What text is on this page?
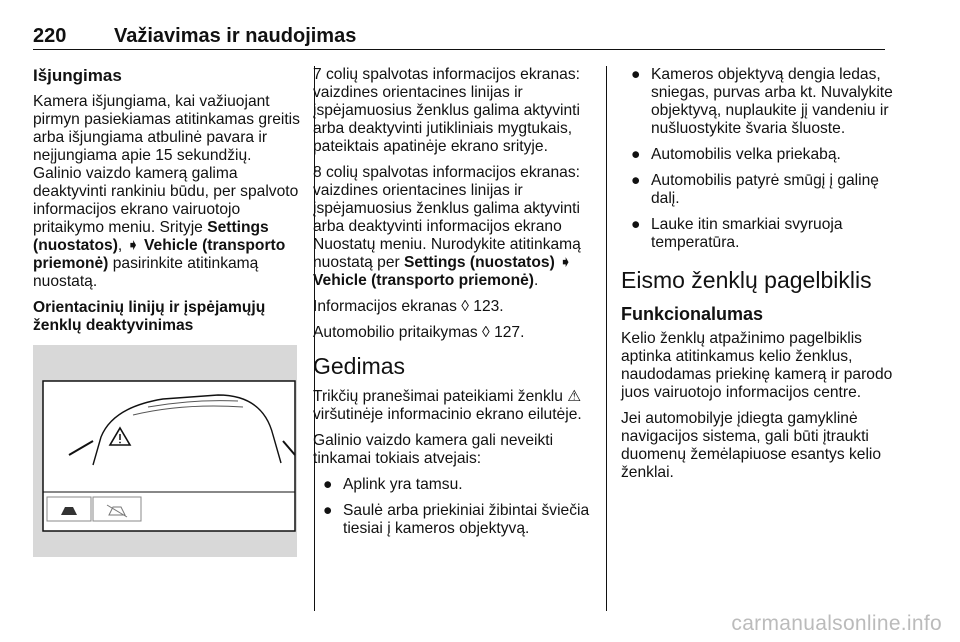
220 Važiavimas ir naudojimas
Išjungimas

Kamera išjungiama, kai važiuojant pirmyn pasiekiamas atitinkamas greitis arba išjungiama atbulinė pavara ir neįjungiama apie 15 sekundžių. Galinio vaizdo kamerą galima deaktyvinti rankiniu būdu, per spalvoto informacijos ekrano vairuotojo pritaikymo meniu. Srityje Settings (nuostatos), ➧ Vehicle (transporto priemonė) pasirinkite atitinkamą nuostatą.

Orientacinių linijų ir įspėjamųjų ženklų deaktyvinimas

7 colių spalvotas informacijos ekranas: vaizdines orientacines linijas ir įspėjamuosius ženklus galima aktyvinti arba deaktyvinti jutikliniais mygtukais, pateiktais apatinėje ekrano srityje.

8 colių spalvotas informacijos ekranas: vaizdines orientacines linijas ir įspėjamuosius ženklus galima aktyvinti arba deaktyvinti informacijos ekrano Nuostatų meniu. Nurodykite atitinkamą nuostatą per Settings (nuostatos) ➧ Vehicle (transporto priemonė).

Informacijos ekranas ◊ 123.

Automobilio pritaikymas ◊ 127.

Gedimas

Trikčių pranešimai pateikiami ženklu ⚠ viršutinėje informacinio ekrano eilutėje.

Galinio vaizdo kamera gali neveikti tinkamai tokiais atvejais:

● Aplink yra tamsu.
● Saulė arba priekiniai žibintai šviečia tiesiai į kameros objektyvą.
● Kameros objektyvą dengia ledas, sniegas, purvas arba kt. Nuvalykite objektyvą, nuplaukite jį vandeniu ir nušluostykite švaria šluoste.
● Automobilis velka priekabą.
● Automobilis patyrė smūgį į galinę dalį.
● Lauke itin smarkiai svyruoja temperatūra.
Eismo ženklų pagelbiklis
Funkcionalumas

Kelio ženklų atpažinimo pagelbiklis aptinka atitinkamus kelio ženklus, naudodamas priekinę kamerą ir parodo juos vairuotojo informacijos centre.

Jei automobilyje įdiegta gamyklinė navigacijos sistema, gali būti įtraukti duomenų žemėlapiuose esantys kelio ženklai.

carmanualsonline.info
